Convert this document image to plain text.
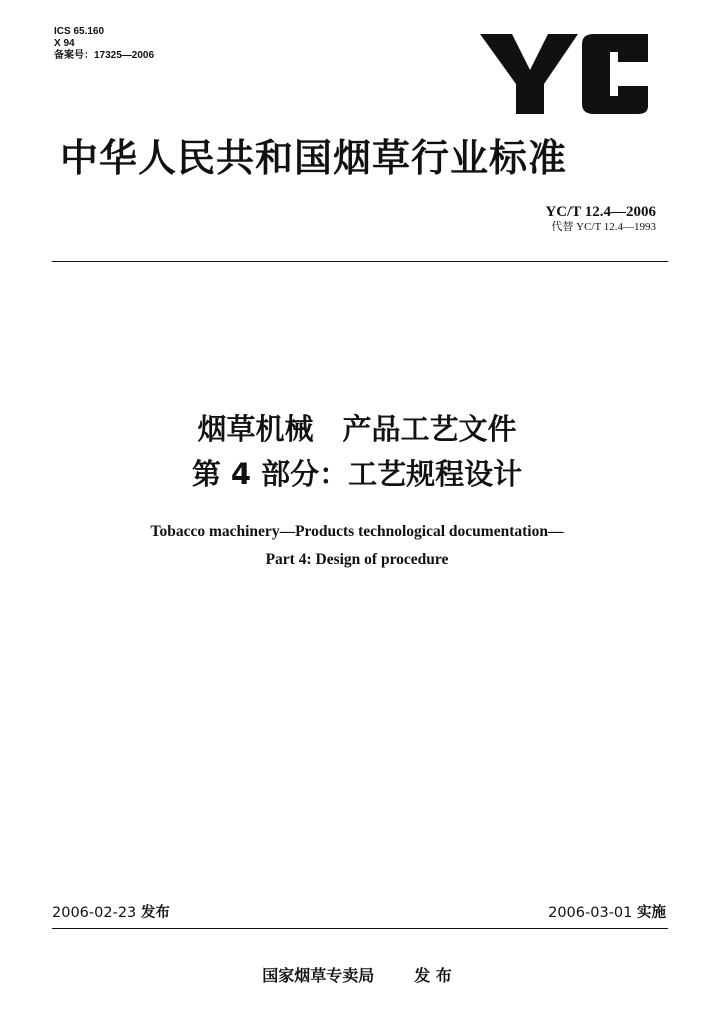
ICS 65.160
X 94
备案号：17325—2006
中华人民共和国烟草行业标准
YC/T 12.4—2006
代替 YC/T 12.4—1993
烟草机械　产品工艺文件
第 4 部分：工艺规程设计
Tobacco machinery—Products technological documentation—
Part 4: Design of procedure
2006-02-23 发布	2006-03-01 实施
国家烟草专卖局	发 布
